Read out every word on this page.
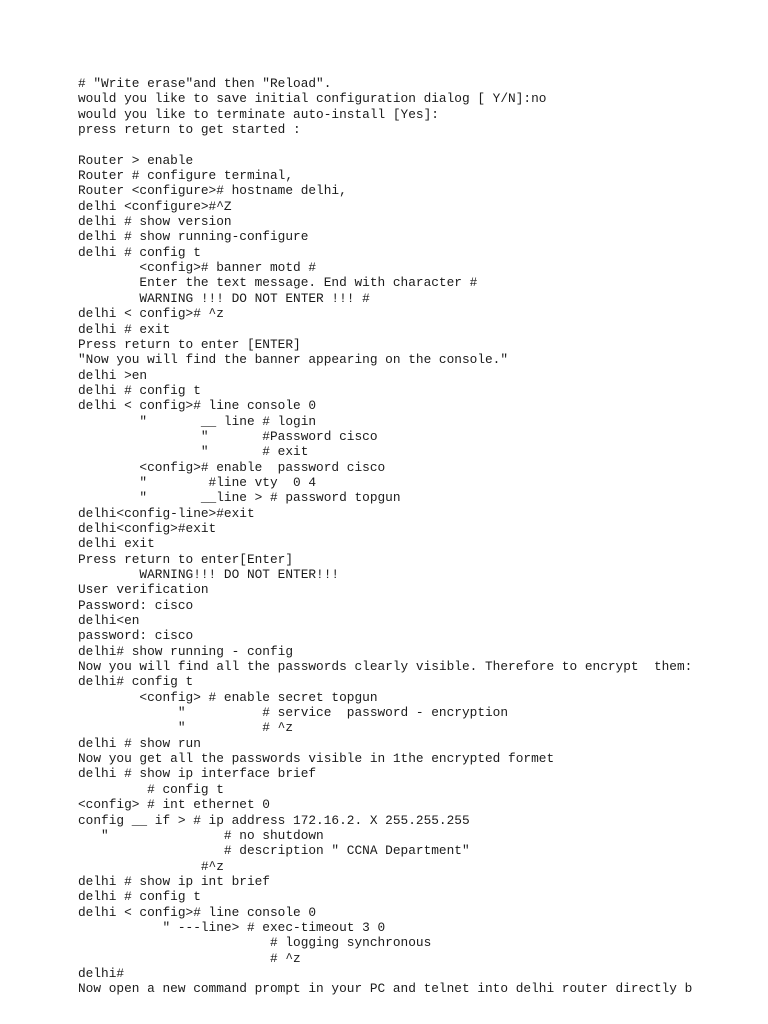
# "Write erase"and then "Reload".
would you like to save initial configuration dialog [ Y/N]:no
would you like to terminate auto-install [Yes]:
press return to get started :
Router > enable
Router # configure terminal,
Router <configure># hostname delhi,
delhi <configure>#^Z
delhi # show version
delhi # show running-configure
delhi # config t
<config># banner motd #
Enter the text message. End with character #
WARNING !!! DO NOT ENTER !!! #
delhi < config># ^z
delhi # exit
Press return to enter [ENTER]
"Now you will find the banner appearing on the console."
delhi >en
delhi # config t
delhi < config># line console 0
"       __ line # login
"       #Password cisco
"       # exit
<config># enable  password cisco
"        #line vty  0 4
"       __line > # password topgun
delhi<config-line>#exit
delhi<config>#exit
delhi exit
Press return to enter[Enter]
WARNING!!! DO NOT ENTER!!!
User verification
Password: cisco
delhi<en
password: cisco
delhi# show running - config
Now you will find all the passwords clearly visible. Therefore to encrypt  them:
delhi# config t
<config> # enable secret topgun
"          # service  password - encryption
"          # ^z
delhi # show run
Now you get all the passwords visible in 1the encrypted formet
delhi # show ip interface brief
# config t
<config> # int ethernet 0
config __ if > # ip address 172.16.2. X 255.255.255
"               # no shutdown
# description " CCNA Department"
#^z
delhi # show ip int brief
delhi # config t
delhi < config># line console 0
" ---line> # exec-timeout 3 0
# logging synchronous
# ^z
delhi#
Now open a new command prompt in your PC and telnet into delhi router directly b
